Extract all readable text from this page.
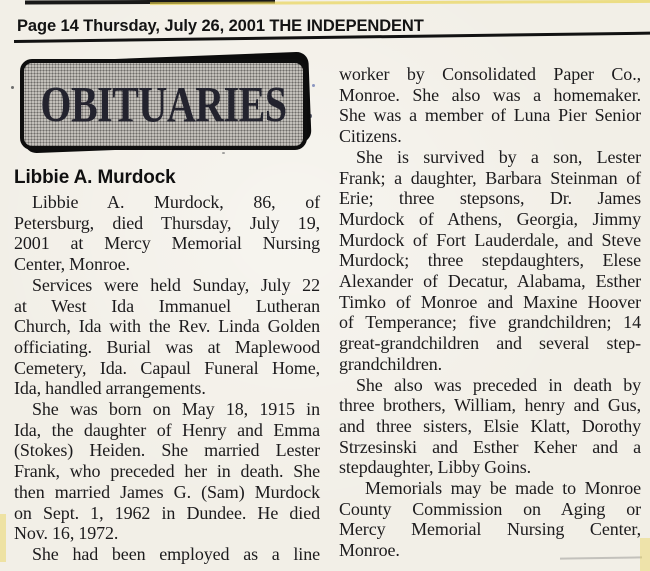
Page 14 Thursday, July 26, 2001 THE INDEPENDENT
OBITUARIES
Libbie A. Murdock
Libbie A. Murdock, 86, of
Petersburg, died Thursday, July 19,
2001 at Mercy Memorial Nursing
Center, Monroe.
Services were held Sunday, July 22
at West Ida Immanuel Lutheran
Church, Ida with the Rev. Linda Golden
officiating. Burial was at Maplewood
Cemetery, Ida. Capaul Funeral Home,
Ida, handled arrangements.
She was born on May 18, 1915 in
Ida, the daughter of Henry and Emma
(Stokes) Heiden. She married Lester
Frank, who preceded her in death. She
then married James G. (Sam) Murdock
on Sept. 1, 1962 in Dundee. He died
Nov. 16, 1972.
She had been employed as a line
worker by Consolidated Paper Co.,
Monroe. She also was a homemaker.
She was a member of Luna Pier Senior
Citizens.
She is survived by a son, Lester
Frank; a daughter, Barbara Steinman of
Erie; three stepsons, Dr. James
Murdock of Athens, Georgia, Jimmy
Murdock of Fort Lauderdale, and Steve
Murdock; three stepdaughters, Elese
Alexander of Decatur, Alabama, Esther
Timko of Monroe and Maxine Hoover
of Temperance; five grandchildren; 14
great-grandchildren and several step-
grandchildren.
She also was preceded in death by
three brothers, William, henry and Gus,
and three sisters, Elsie Klatt, Dorothy
Strzesinski and Esther Keher and a
stepdaughter, Libby Goins.
Memorials may be made to Monroe
County Commission on Aging or
Mercy Memorial Nursing Center,
Monroe.
